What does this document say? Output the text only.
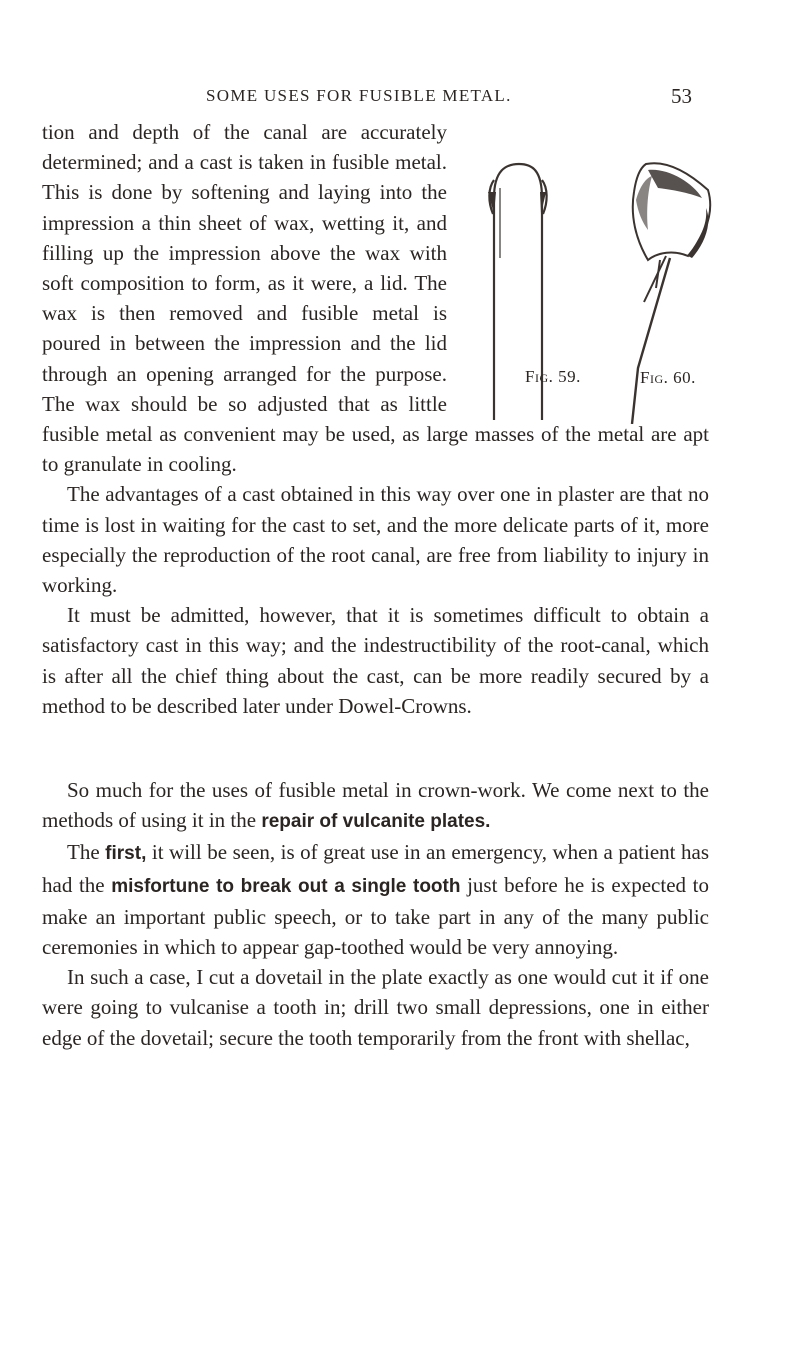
SOME USES FOR FUSIBLE METAL.	53

tion and depth of the canal are accurately determined; and a cast is taken in fusible metal. This is done by softening and laying into the impression a thin sheet of wax, wetting it, and filling up the impression above the wax with soft composition to form, as it were, a lid. The wax is then removed and fusible metal is poured in between the impression and the lid through an opening arranged for the purpose. The wax should be so adjusted that as little fusible metal as convenient may be used, as large masses of the metal are apt to granulate in cooling.

The advantages of a cast obtained in this way over one in plaster are that no time is lost in waiting for the cast to set, and the more delicate parts of it, more especially the reproduction of the root canal, are free from liability to injury in working.

It must be admitted, however, that it is sometimes difficult to obtain a satisfactory cast in this way; and the indestructibility of the root-canal, which is after all the chief thing about the cast, can be more readily secured by a method to be described later under Dowel-Crowns.

Fig. 59.	Fig. 60.

So much for the uses of fusible metal in crown-work. We come next to the methods of using it in the repair of vulcanite plates.

The first, it will be seen, is of great use in an emergency, when a patient has had the misfortune to break out a single tooth just before he is expected to make an important public speech, or to take part in any of the many public ceremonies in which to appear gap-toothed would be very annoying.

In such a case, I cut a dovetail in the plate exactly as one would cut it if one were going to vulcanise a tooth in; drill two small depressions, one in either edge of the dovetail; secure the tooth temporarily from the front with shellac,
